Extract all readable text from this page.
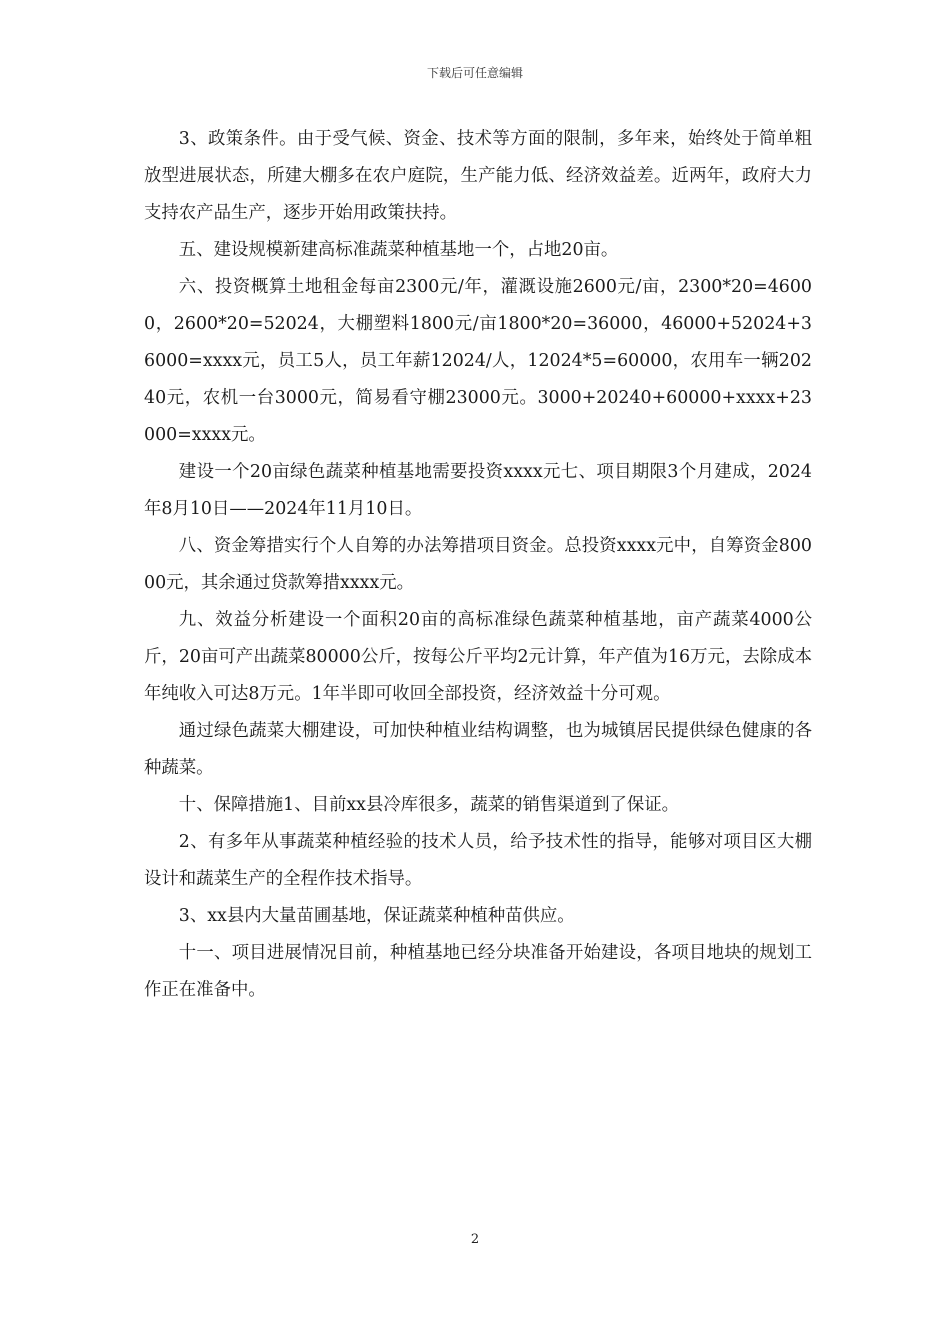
下载后可任意编辑

3、政策条件。由于受气候、资金、技术等方面的限制，多年来，始终处于简单粗放型进展状态，所建大棚多在农户庭院，生产能力低、经济效益差。近两年，政府大力支持农产品生产，逐步开始用政策扶持。

五、建设规模新建高标准蔬菜种植基地一个，占地20亩。

六、投资概算土地租金每亩2300元/年，灌溉设施2600元/亩，2300*20=46000，2600*20=52024，大棚塑料1800元/亩1800*20=36000，46000+52024+36000=xxxx元，员工5人，员工年薪12024/人，12024*5=60000，农用车一辆20240元，农机一台3000元，简易看守棚23000元。3000+20240+60000+xxxx+23000=xxxx元。

建设一个20亩绿色蔬菜种植基地需要投资xxxx元七、项目期限3个月建成，2024年8月10日——2024年11月10日。

八、资金筹措实行个人自筹的办法筹措项目资金。总投资xxxx元中，自筹资金80000元，其余通过贷款筹措xxxx元。

九、效益分析建设一个面积20亩的高标准绿色蔬菜种植基地，亩产蔬菜4000公斤，20亩可产出蔬菜80000公斤，按每公斤平均2元计算，年产值为16万元，去除成本年纯收入可达8万元。1年半即可收回全部投资，经济效益十分可观。

通过绿色蔬菜大棚建设，可加快种植业结构调整，也为城镇居民提供绿色健康的各种蔬菜。

十、保障措施1、目前xx县冷库很多，蔬菜的销售渠道到了保证。

2、有多年从事蔬菜种植经验的技术人员，给予技术性的指导，能够对项目区大棚设计和蔬菜生产的全程作技术指导。

3、xx县内大量苗圃基地，保证蔬菜种植种苗供应。

十一、项目进展情况目前，种植基地已经分块准备开始建设，各项目地块的规划工作正在准备中。

2
